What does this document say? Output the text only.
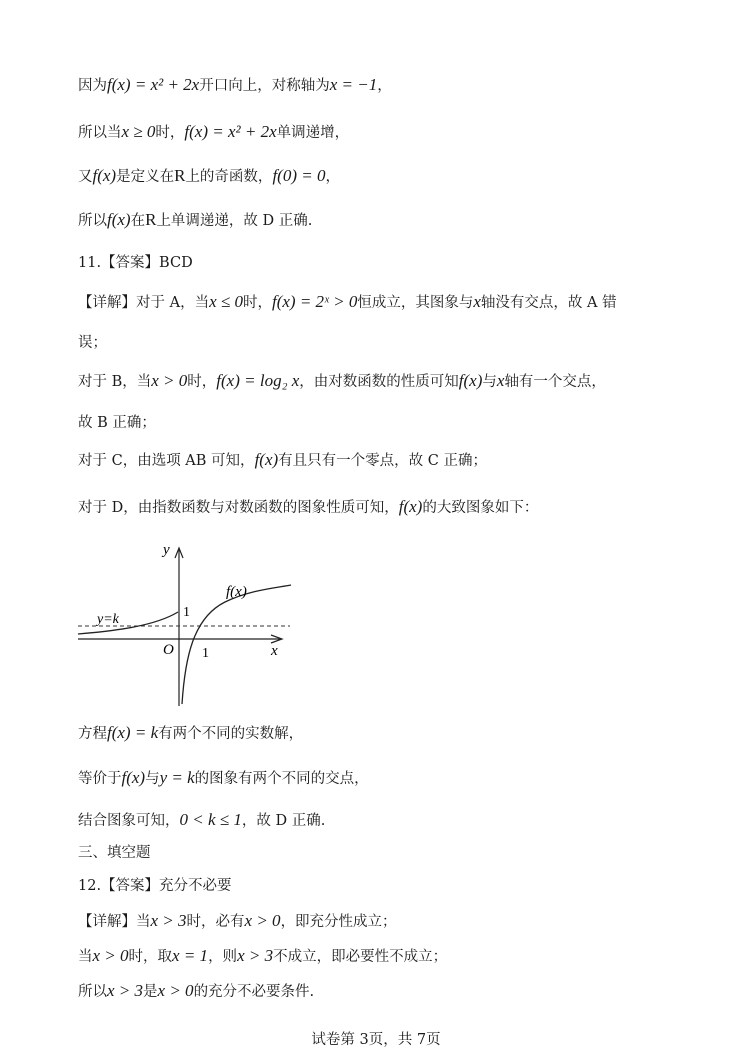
因为f(x) = x² + 2x开口向上，对称轴为x = −1，
所以当x ≥ 0时，f(x) = x² + 2x单调递增，
又f(x)是定义在R上的奇函数，f(0) = 0，
所以f(x)在R上单调递递，故 D 正确.
11.【答案】BCD
【详解】对于 A，当x ≤ 0时，f(x) = 2ˣ > 0恒成立，其图象与x轴没有交点，故 A 错
误；
对于 B，当x > 0时，f(x) = log₂ x，由对数函数的性质可知f(x)与x轴有一个交点，
故 B 正确；
对于 C，由选项 AB 可知，f(x)有且只有一个零点，故 C 正确；
对于 D，由指数函数与对数函数的图象性质可知，f(x)的大致图象如下：
y
x
O
1
1
f(x)
y=k
方程f(x) = k有两个不同的实数解，
等价于f(x)与y = k的图象有两个不同的交点，
结合图象可知，0 < k ≤ 1，故 D 正确.
三、填空题
12.【答案】充分不必要
【详解】当x > 3时，必有x > 0，即充分性成立；
当x > 0时，取x = 1，则x > 3不成立，即必要性不成立；
所以x > 3是x > 0的充分不必要条件.
试卷第 3页，共 7页
